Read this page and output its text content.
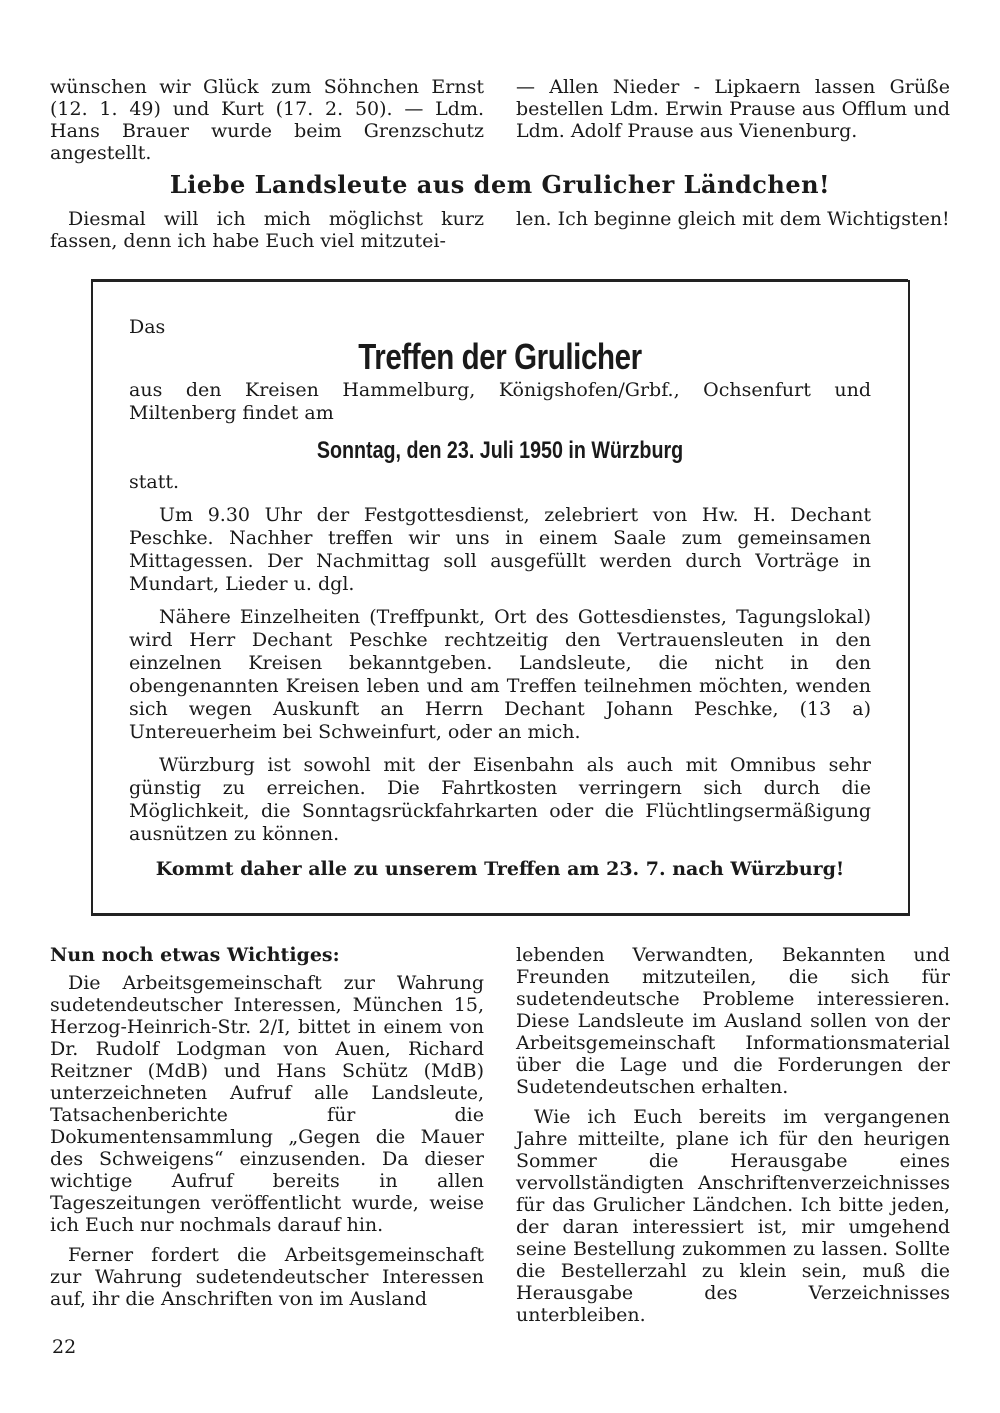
wünschen wir Glück zum Söhnchen Ernst (12. 1. 49) und Kurt (17. 2. 50). — Ldm. Hans Brauer wurde beim Grenzschutz angestellt.

— Allen Nieder - Lipkaern lassen Grüße bestellen Ldm. Erwin Prause aus Offlum und Ldm. Adolf Prause aus Vienenburg.

Liebe Landsleute aus dem Grulicher Ländchen!

Diesmal will ich mich möglichst kurz fassen, denn ich habe Euch viel mitzutei-

len. Ich beginne gleich mit dem Wichtigsten!

Das

Treffen der Grulicher

aus den Kreisen Hammelburg, Königshofen/Grbf., Ochsenfurt und Miltenberg findet am

Sonntag, den 23. Juli 1950 in Würzburg

statt.

Um 9.30 Uhr der Festgottesdienst, zelebriert von Hw. H. Dechant Peschke. Nachher treffen wir uns in einem Saale zum gemeinsamen Mittagessen. Der Nachmittag soll ausgefüllt werden durch Vorträge in Mundart, Lieder u. dgl.

Nähere Einzelheiten (Treffpunkt, Ort des Gottesdienstes, Tagungslokal) wird Herr Dechant Peschke rechtzeitig den Vertrauensleuten in den einzelnen Kreisen bekanntgeben. Landsleute, die nicht in den obengenannten Kreisen leben und am Treffen teilnehmen möchten, wenden sich wegen Auskunft an Herrn Dechant Johann Peschke, (13 a) Untereuerheim bei Schweinfurt, oder an mich.

Würzburg ist sowohl mit der Eisenbahn als auch mit Omnibus sehr günstig zu erreichen. Die Fahrtkosten verringern sich durch die Möglichkeit, die Sonntagsrückfahrkarten oder die Flüchtlingsermäßigung ausnützen zu können.

Kommt daher alle zu unserem Treffen am 23. 7. nach Würzburg!

Nun noch etwas Wichtiges:

Die Arbeitsgemeinschaft zur Wahrung sudetendeutscher Interessen, München 15, Herzog-Heinrich-Str. 2/I, bittet in einem von Dr. Rudolf Lodgman von Auen, Richard Reitzner (MdB) und Hans Schütz (MdB) unterzeichneten Aufruf alle Landsleute, Tatsachenberichte für die Dokumentensammlung „Gegen die Mauer des Schweigens“ einzusenden. Da dieser wichtige Aufruf bereits in allen Tageszeitungen veröffentlicht wurde, weise ich Euch nur nochmals darauf hin.

Ferner fordert die Arbeitsgemeinschaft zur Wahrung sudetendeutscher Interessen auf, ihr die Anschriften von im Ausland

lebenden Verwandten, Bekannten und Freunden mitzuteilen, die sich für sudetendeutsche Probleme interessieren. Diese Landsleute im Ausland sollen von der Arbeitsgemeinschaft Informationsmaterial über die Lage und die Forderungen der Sudetendeutschen erhalten.

Wie ich Euch bereits im vergangenen Jahre mitteilte, plane ich für den heurigen Sommer die Herausgabe eines vervollständigten Anschriftenverzeichnisses für das Grulicher Ländchen. Ich bitte jeden, der daran interessiert ist, mir umgehend seine Bestellung zukommen zu lassen. Sollte die Bestellerzahl zu klein sein, muß die Herausgabe des Verzeichnisses unterbleiben.

22
